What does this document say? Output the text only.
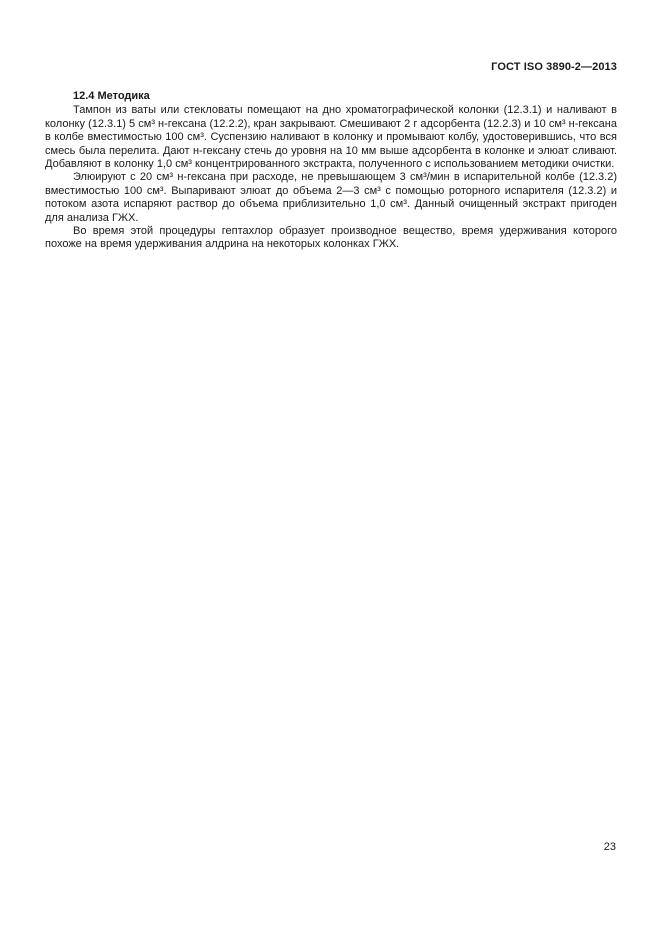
ГОСТ ISO 3890-2—2013
12.4 Методика

Тампон из ваты или стекловаты помещают на дно хроматографической колонки (12.3.1) и наливают в колонку (12.3.1) 5 см³ н-гексана (12.2.2), кран закрывают. Смешивают 2 г адсорбента (12.2.3) и 10 см³ н-гексана в колбе вместимостью 100 см³. Суспензию наливают в колонку и промывают колбу, удостоверившись, что вся смесь была перелита. Дают н-гексану стечь до уровня на 10 мм выше адсорбента в колонке и элюат сливают. Добавляют в колонку 1,0 см³ концентрированного экстракта, полученного с использованием методики очистки.

Элюируют с 20 см³ н-гексана при расходе, не превышающем 3 см³/мин в испарительной колбе (12.3.2) вместимостью 100 см³. Выпаривают элюат до объема 2—3 см³ с помощью роторного испарителя (12.3.2) и потоком азота испаряют раствор до объема приблизительно 1,0 см³. Данный очищенный экстракт пригоден для анализа ГЖХ.

Во время этой процедуры гептахлор образует производное вещество, время удерживания которого похоже на время удерживания алдрина на некоторых колонках ГЖХ.

23
